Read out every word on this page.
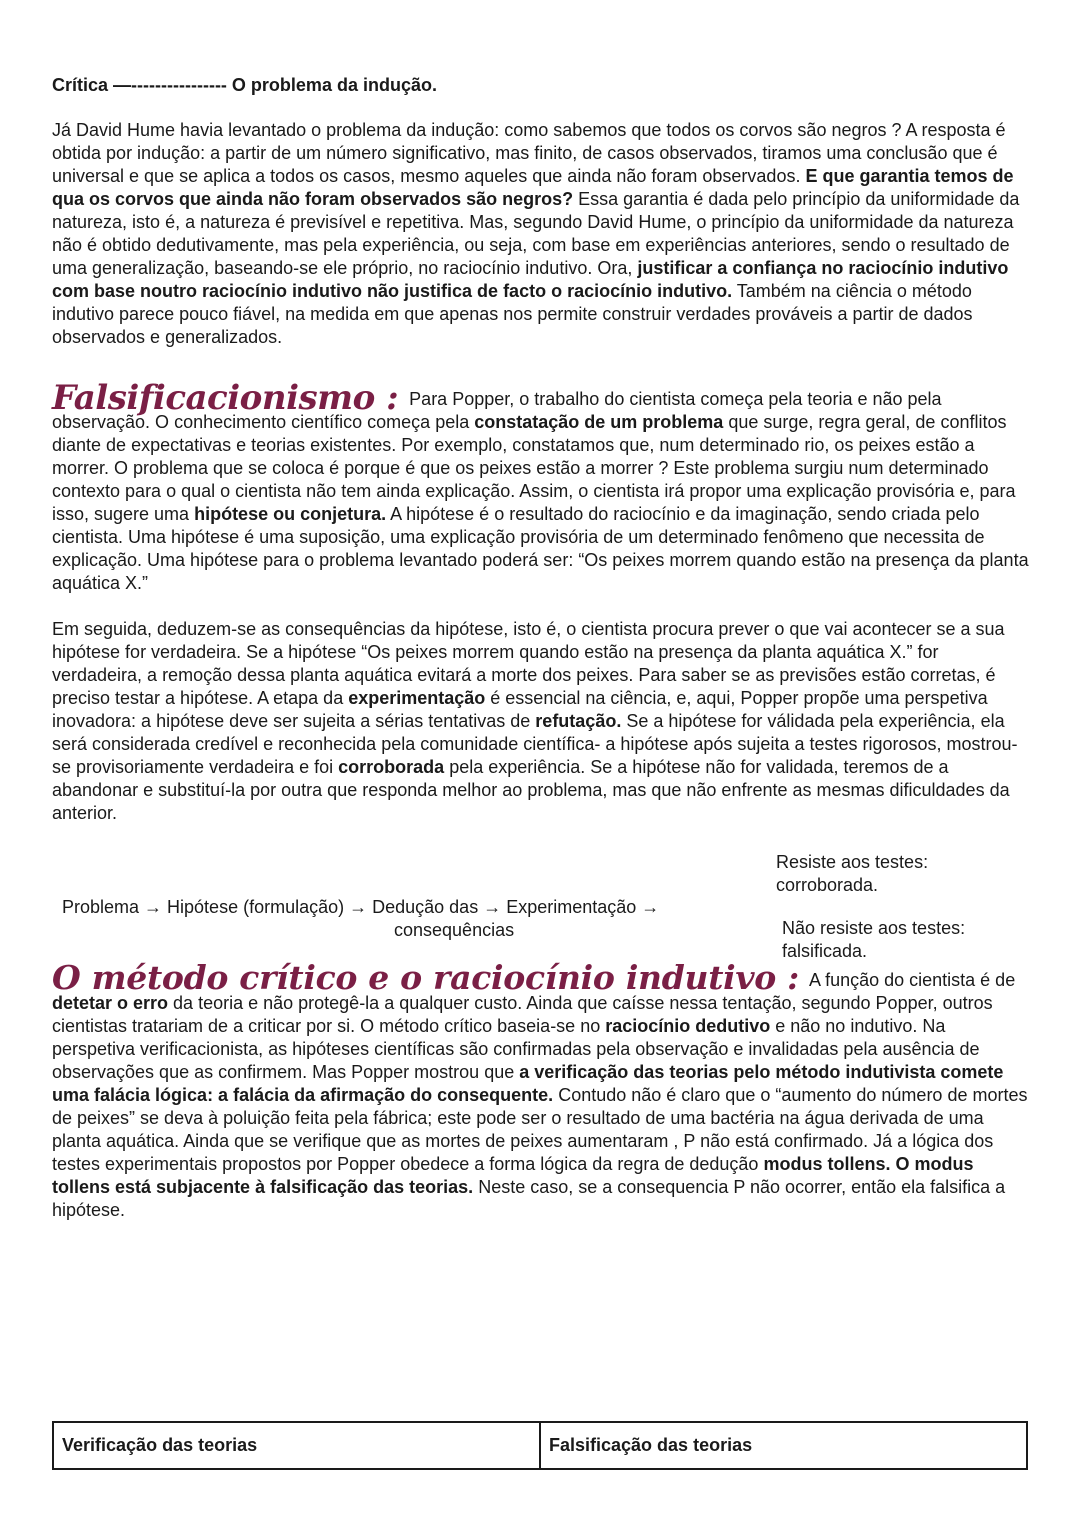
Crítica —---------------- O problema da indução.

Já David Hume havia levantado o problema da indução: como sabemos que todos os corvos são negros ? A resposta é obtida por indução: a partir de um número significativo, mas finito, de casos observados, tiramos uma conclusão que é universal e que se aplica a todos os casos, mesmo aqueles que ainda não foram observados. E que garantia temos de qua os corvos que ainda não foram observados são negros? Essa garantia é dada pelo princípio da uniformidade da natureza, isto é, a natureza é previsível e repetitiva. Mas, segundo David Hume, o princípio da uniformidade da natureza não é obtido dedutivamente, mas pela experiência, ou seja, com base em experiências anteriores, sendo o resultado de uma generalização, baseando-se ele próprio, no raciocínio indutivo. Ora, justificar a confiança no raciocínio indutivo com base noutro raciocínio indutivo não justifica de facto o raciocínio indutivo. Também na ciência o método indutivo parece pouco fiável, na medida em que apenas nos permite construir verdades prováveis a partir de dados observados e generalizados.

Falsificacionismo : Para Popper, o trabalho do cientista começa pela teoria e não pela observação. O conhecimento científico começa pela constatação de um problema que surge, regra geral, de conflitos diante de expectativas e teorias existentes. Por exemplo, constatamos que, num determinado rio, os peixes estão a morrer. O problema que se coloca é porque é que os peixes estão a morrer ? Este problema surgiu num determinado contexto para o qual o cientista não tem ainda explicação. Assim, o cientista irá propor uma explicação provisória e, para isso, sugere uma hipótese ou conjetura. A hipótese é o resultado do raciocínio e da imaginação, sendo criada pelo cientista. Uma hipótese é uma suposição, uma explicação provisória de um determinado fenômeno que necessita de explicação. Uma hipótese para o problema levantado poderá ser: “Os peixes morrem quando estão na presença da planta aquática X.”

Em seguida, deduzem-se as consequências da hipótese, isto é, o cientista procura prever o que vai acontecer se a sua hipótese for verdadeira. Se a hipótese “Os peixes morrem quando estão na presença da planta aquática X.” for verdadeira, a remoção dessa planta aquática evitará a morte dos peixes. Para saber se as previsões estão corretas, é preciso testar a hipótese. A etapa da experimentação é essencial na ciência, e, aqui, Popper propõe uma perspetiva inovadora: a hipótese deve ser sujeita a sérias tentativas de refutação. Se a hipótese for válidada pela experiência, ela será considerada credível e reconhecida pela comunidade científica- a hipótese após sujeita a testes rigorosos, mostrou-se provisoriamente verdadeira e foi corroborada pela experiência. Se a hipótese não for validada, teremos de a abandonar e substituí-la por outra que responda melhor ao problema, mas que não enfrente as mesmas dificuldades da anterior.

Problema → Hipótese (formulação) → Dedução das → Experimentação →
consequências
Resiste aos testes: corroborada.
Não resiste aos testes: falsificada.

O método crítico e o raciocínio indutivo : A função do cientista é de detetar o erro da teoria e não protegê-la a qualquer custo. Ainda que caísse nessa tentação, segundo Popper, outros cientistas tratariam de a criticar por si. O método crítico baseia-se no raciocínio dedutivo e não no indutivo. Na perspetiva verificacionista, as hipóteses científicas são confirmadas pela observação e invalidadas pela ausência de observações que as confirmem. Mas Popper mostrou que a verificação das teorias pelo método indutivista comete uma falácia lógica: a falácia da afirmação do consequente. Contudo não é claro que o “aumento do número de mortes de peixes” se deva à poluição feita pela fábrica; este pode ser o resultado de uma bactéria na água derivada de uma planta aquática. Ainda que se verifique que as mortes de peixes aumentaram , P não está confirmado. Já a lógica dos testes experimentais propostos por Popper obedece a forma lógica da regra de dedução modus tollens. O modus tollens está subjacente à falsificação das teorias. Neste caso, se a consequencia P não ocorrer, então ela falsifica a hipótese.

Verificação das teorias	Falsificação das teorias
